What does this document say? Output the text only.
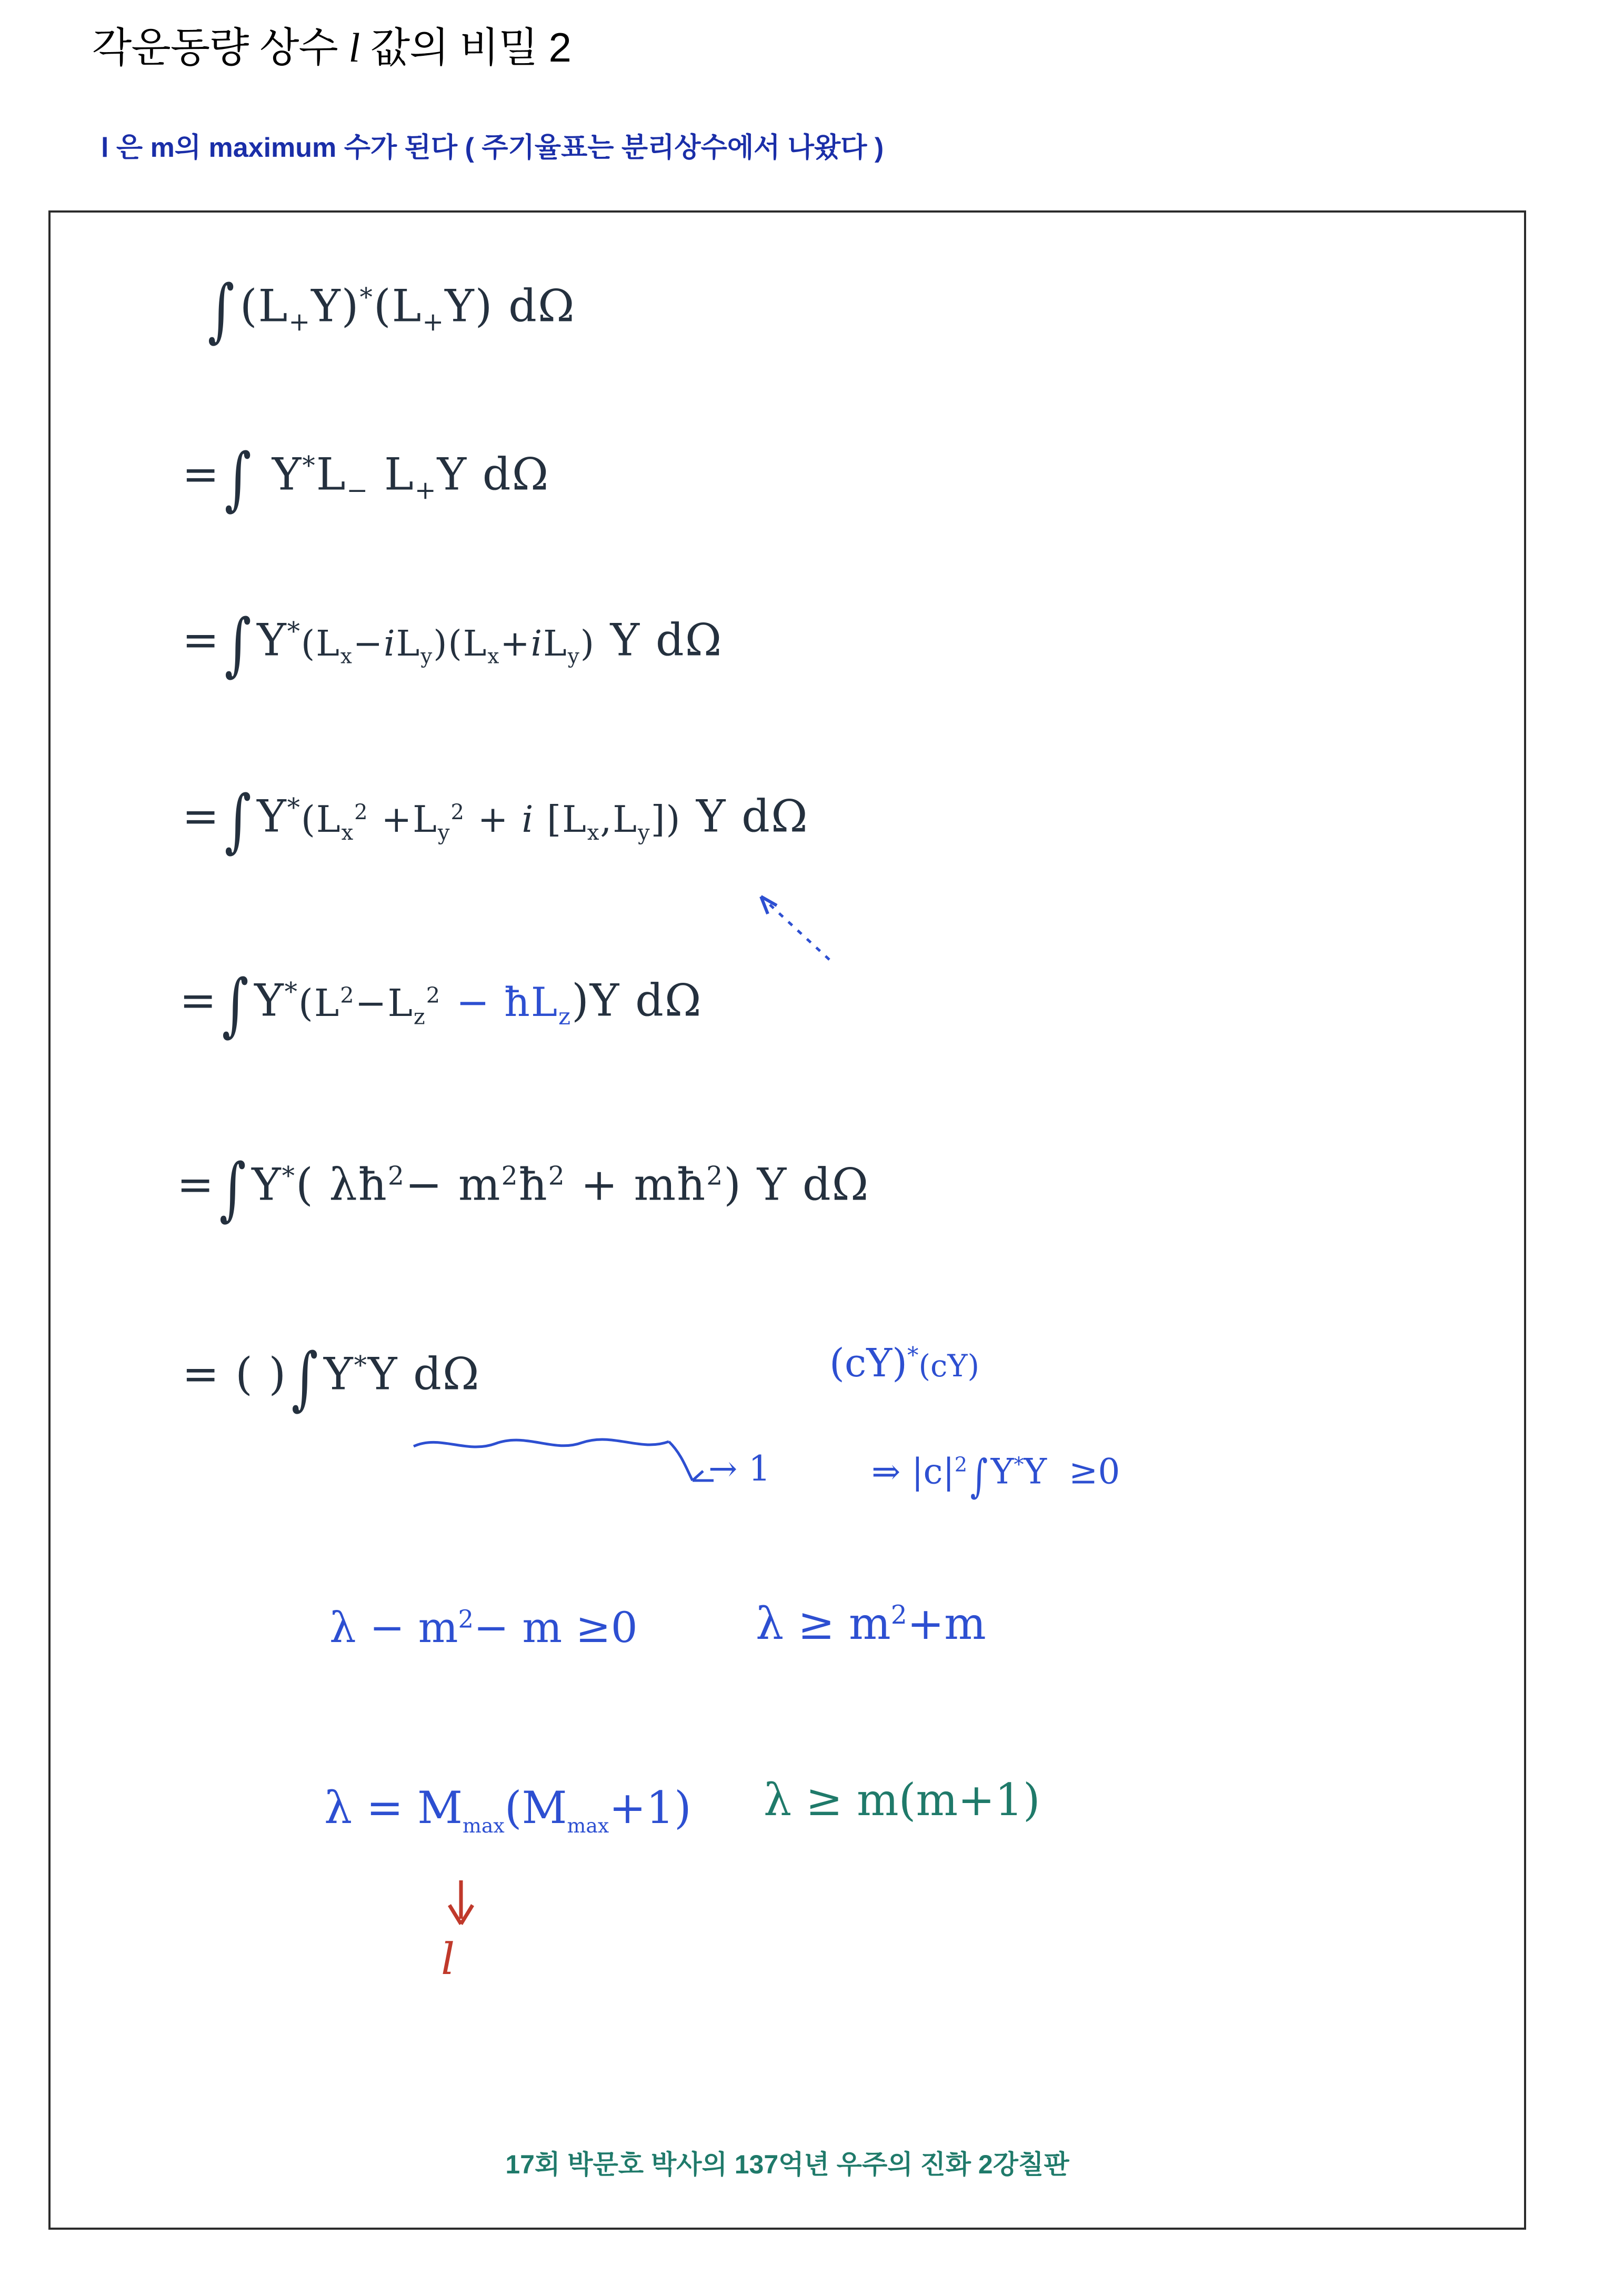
각운동량 상수 l 값의 비밀 2
l 은 m의 maximum 수가 된다 ( 주기율표는 분리상수에서 나왔다 )
∫ $(L_+Y)^*(L_+Y)$ dΩ
=∫ $Y^*L_-$ $L_+Y$ dΩ
=∫ $Y^*(L_x-iL_y)(L_x+iL_y)$ Y dΩ
=∫ $Y^*(L_x^2 +L_y^2 + i$ $[L_x,L_y]$) Y dΩ
=∫ $Y^*(L^2-L_z^2$ − $ħL_z)Y$ dΩ
=∫ Y*( $\lambda ħ^2-$ $m^2ħ^2$ + $mħ^2$) Y dΩ
= ( )∫ Y*Y dΩ
→ 1
(cY)*(cY)
⇒ $|c|^2\int Y^*Y \ge 0$
$\lambda - m^2- m \ge 0$	$\lambda \ge m^2+m$
$\lambda = M_{max}(M_{max}+1) \lambda \ge m(m+1)$
l
17회 박문호 박사의 137억년 우주의 진화 2강칠판
